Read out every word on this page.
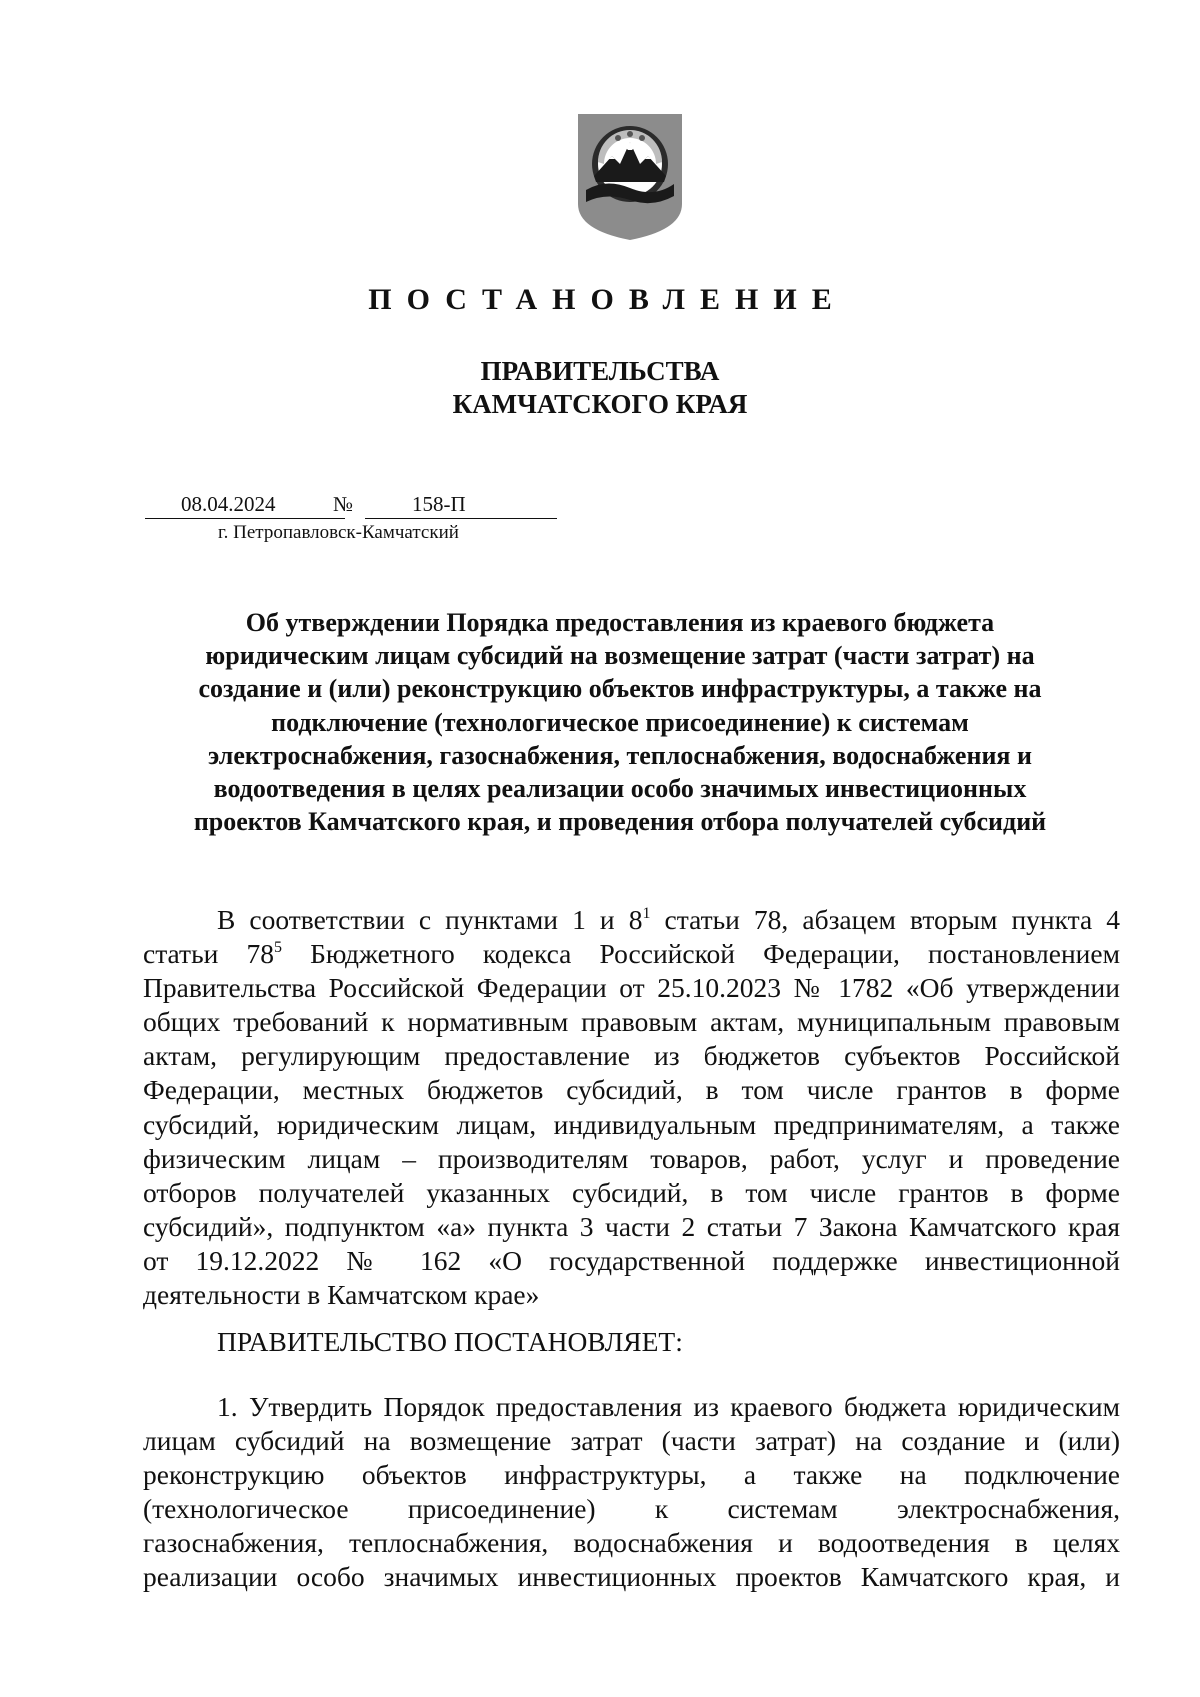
ПОСТАНОВЛЕНИЕ
ПРАВИТЕЛЬСТВА
КАМЧАТСКОГО КРАЯ
08.04.2024	№	158-П
г. Петропавловск-Камчатский
Об утверждении Порядка предоставления из краевого бюджета
юридическим лицам субсидий на возмещение затрат (части затрат) на
создание и (или) реконструкцию объектов инфраструктуры, а также на
подключение (технологическое присоединение) к системам
электроснабжения, газоснабжения, теплоснабжения, водоснабжения и
водоотведения в целях реализации особо значимых инвестиционных
проектов Камчатского края, и проведения отбора получателей субсидий
В соответствии с пунктами 1 и $8^1$ статьи 78, абзацем вторым пункта 4
статьи $78^5$ Бюджетного кодекса Российской Федерации, постановлением
Правительства Российской Федерации от 25.10.2023 № 1782 «Об утверждении
общих требований к нормативным правовым актам, муниципальным правовым
актам, регулирующим предоставление из бюджетов субъектов Российской
Федерации, местных бюджетов субсидий, в том числе грантов в форме
субсидий, юридическим лицам, индивидуальным предпринимателям, а также
физическим лицам – производителям товаров, работ, услуг и проведение
отборов получателей указанных субсидий, в том числе грантов в форме
субсидий», подпунктом «а» пункта 3 части 2 статьи 7 Закона Камчатского края
от 19.12.2022 № 162 «О государственной поддержке инвестиционной
деятельности в Камчатском крае»
ПРАВИТЕЛЬСТВО ПОСТАНОВЛЯЕТ:
1. Утвердить Порядок предоставления из краевого бюджета юридическим
лицам субсидий на возмещение затрат (части затрат) на создание и (или)
реконструкцию объектов инфраструктуры, а также на подключение
(технологическое присоединение) к системам электроснабжения,
газоснабжения, теплоснабжения, водоснабжения и водоотведения в целях
реализации особо значимых инвестиционных проектов Камчатского края, и
